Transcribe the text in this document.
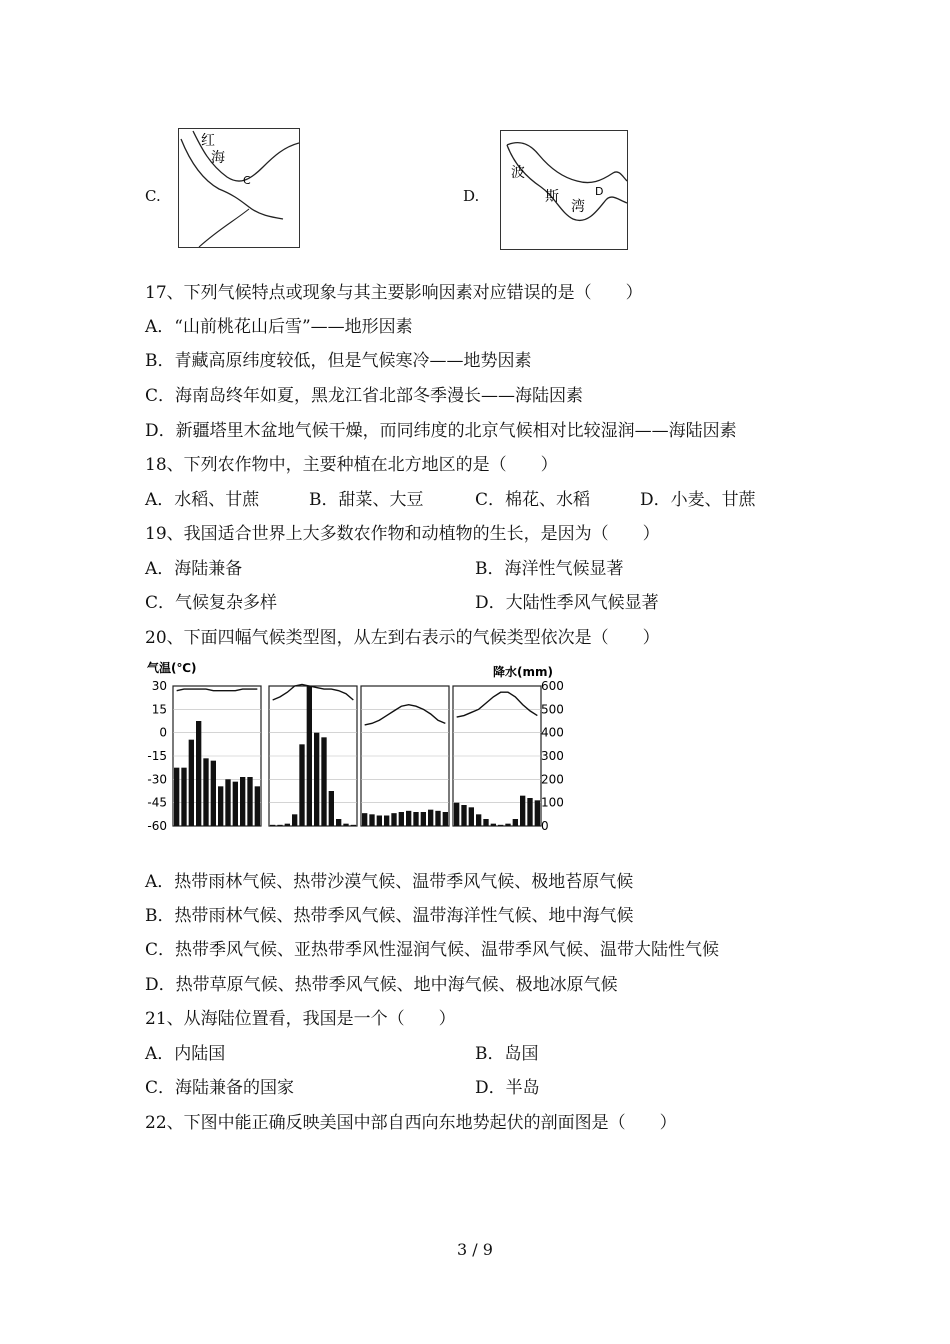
C.
红
海
C
D.
波
斯
湾
D
17、下列气候特点或现象与其主要影响因素对应错误的是（　　）
A．“山前桃花山后雪”——地形因素
B．青藏高原纬度较低，但是气候寒冷——地势因素
C．海南岛终年如夏，黑龙江省北部冬季漫长——海陆因素
D．新疆塔里木盆地气候干燥，而同纬度的北京气候相对比较湿润——海陆因素
18、下列农作物中，主要种植在北方地区的是（　　）
A．水稻、甘蔗	B．甜菜、大豆	C．棉花、水稻	D．小麦、甘蔗
19、我国适合世界上大多数农作物和动植物的生长，是因为（　　）
A．海陆兼备	B．海洋性气候显著
C．气候复杂多样	D．大陆性季风气候显著
20、下面四幅气候类型图，从左到右表示的气候类型依次是（　　）
气温(℃)	降水(mm)
30
15
0
-15
-30
-45
-60
600
500
400
300
200
100
0
A．热带雨林气候、热带沙漠气候、温带季风气候、极地苔原气候
B．热带雨林气候、热带季风气候、温带海洋性气候、地中海气候
C．热带季风气候、亚热带季风性湿润气候、温带季风气候、温带大陆性气候
D．热带草原气候、热带季风气候、地中海气候、极地冰原气候
21、从海陆位置看，我国是一个（　　）
A．内陆国	B．岛国
C．海陆兼备的国家	D．半岛
22、下图中能正确反映美国中部自西向东地势起伏的剖面图是（　　）
3 / 9
